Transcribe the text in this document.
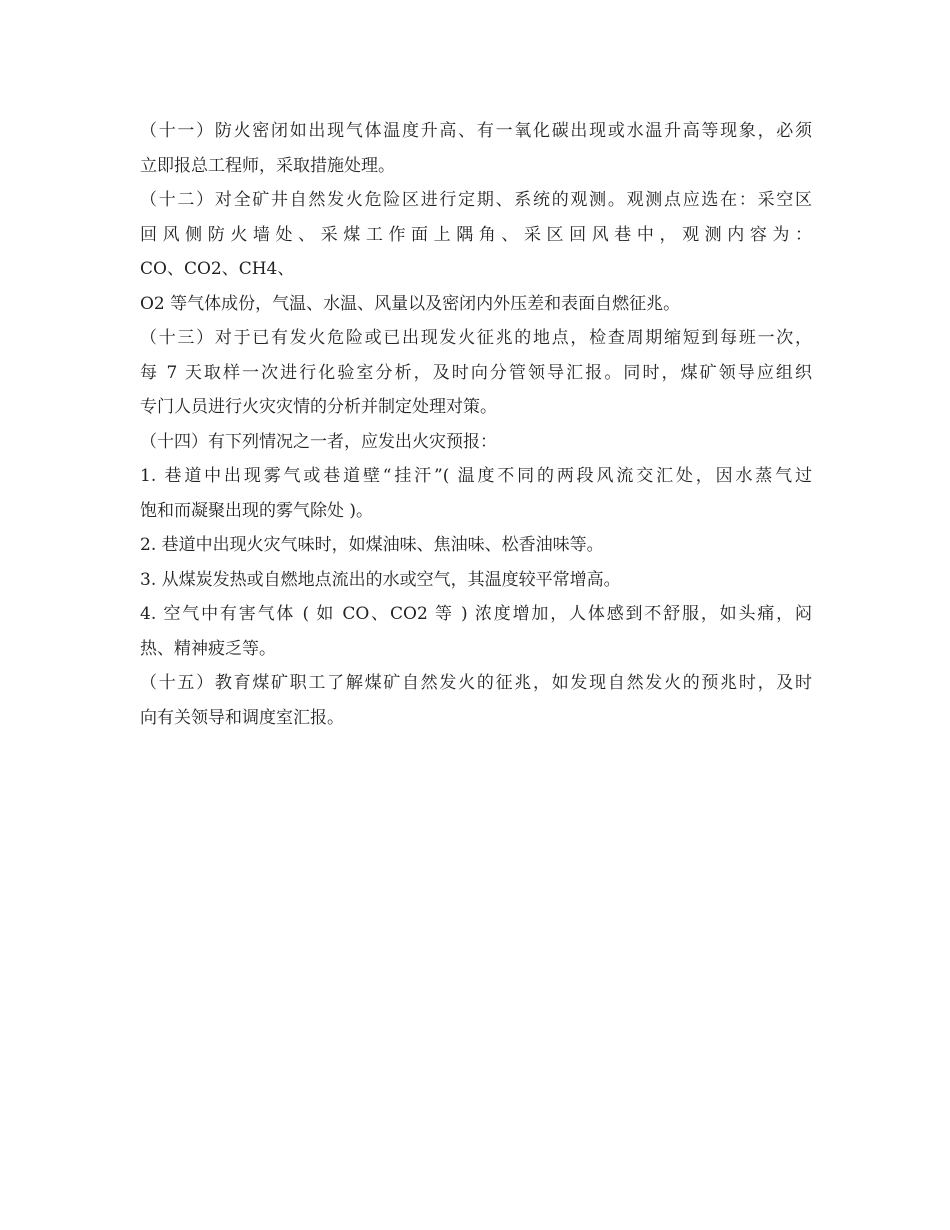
（十一）防火密闭如出现气体温度升高、有一氧化碳出现或水温升高等现象，必须
立即报总工程师，采取措施处理。

（十二）对全矿井自然发火危险区进行定期、系统的观测。观测点应选在：采空区
回风侧防火墙处、采煤工作面上隅角、采区回风巷中，观测内容为：
CO、CO2、CH4、
O2 等气体成份，气温、水温、风量以及密闭内外压差和表面自燃征兆。

（十三）对于已有发火危险或已出现发火征兆的地点，检查周期缩短到每班一次，
每 7 天取样一次进行化验室分析，及时向分管领导汇报。同时，煤矿领导应组织
专门人员进行火灾灾情的分析并制定处理对策。

（十四）有下列情况之一者，应发出火灾预报：

1. 巷道中出现雾气或巷道壁“挂汗”( 温度不同的两段风流交汇处，因水蒸气过
饱和而凝聚出现的雾气除处 )。

2. 巷道中出现火灾气味时，如煤油味、焦油味、松香油味等。

3. 从煤炭发热或自燃地点流出的水或空气，其温度较平常增高。

4. 空气中有害气体 ( 如 CO、CO2 等 ) 浓度增加，人体感到不舒服，如头痛，闷
热、精神疲乏等。

（十五）教育煤矿职工了解煤矿自然发火的征兆，如发现自然发火的预兆时，及时
向有关领导和调度室汇报。
